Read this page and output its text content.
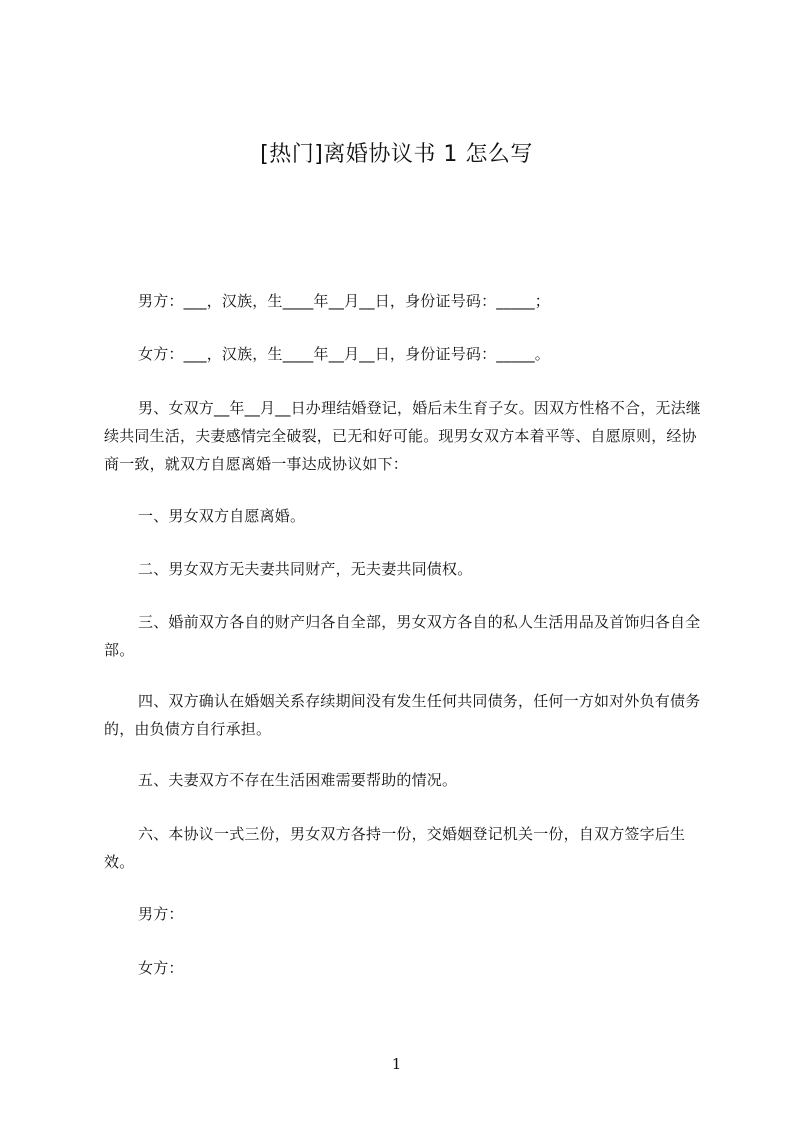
[热门]离婚协议书 1 怎么写
男方：___，汉族，生____年__月__日，身份证号码：_____；
女方：___，汉族，生____年__月__日，身份证号码：_____。
男、女双方__年__月__日办理结婚登记，婚后未生育子女。因双方性格不合，无法继续共同生活，夫妻感情完全破裂，已无和好可能。现男女双方本着平等、自愿原则，经协商一致，就双方自愿离婚一事达成协议如下：
一、男女双方自愿离婚。
二、男女双方无夫妻共同财产，无夫妻共同债权。
三、婚前双方各自的财产归各自全部，男女双方各自的私人生活用品及首饰归各自全部。
四、双方确认在婚姻关系存续期间没有发生任何共同债务，任何一方如对外负有债务的，由负债方自行承担。
五、夫妻双方不存在生活困难需要帮助的情况。
六、本协议一式三份，男女双方各持一份，交婚姻登记机关一份，自双方签字后生效。
男方：
女方：
1
